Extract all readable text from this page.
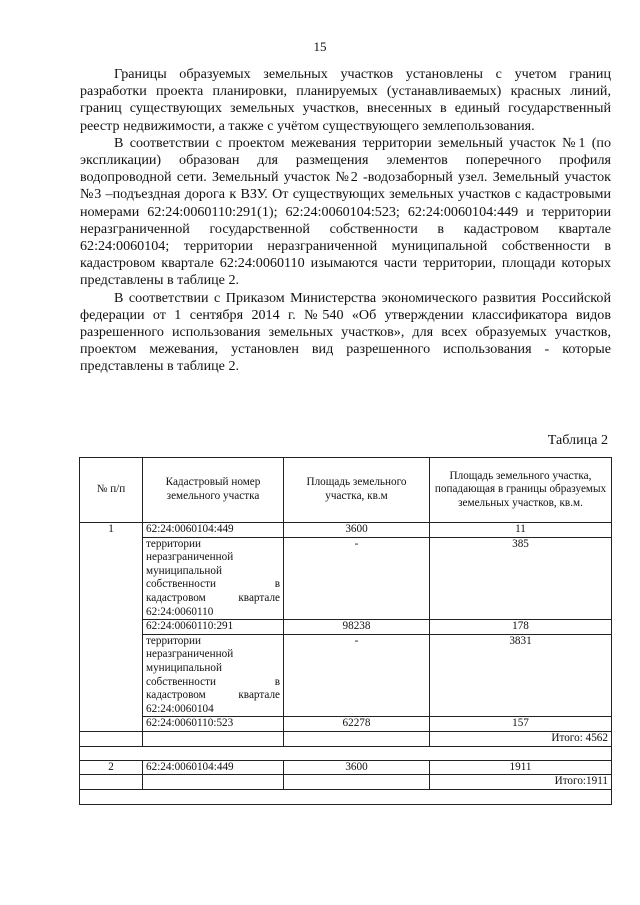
15

Границы образуемых земельных участков установлены с учетом границ разработки проекта планировки, планируемых (устанавливаемых) красных линий, границ существующих земельных участков, внесенных в единый государственный реестр недвижимости, а также с учётом существующего землепользования.

В соответствии с проектом межевания территории земельный участок №1 (по экспликации) образован для размещения элементов поперечного профиля водопроводной сети. Земельный участок №2 -водозаборный узел. Земельный участок №3 –подъездная дорога к ВЗУ. От существующих земельных участков с кадастровыми номерами 62:24:0060110:291(1); 62:24:0060104:523; 62:24:0060104:449 и территории неразграниченной государственной собственности в кадастровом квартале 62:24:0060104; территории неразграниченной муниципальной собственности в кадастровом квартале 62:24:0060110 изымаются части территории, площади которых представлены в таблице 2.

В соответствии с Приказом Министерства экономического развития Российской федерации от 1 сентября 2014 г. №540 «Об утверждении классификатора видов разрешенного использования земельных участков», для всех образуемых участков, проектом межевания, установлен вид разрешенного использования - которые представлены в таблице 2.

Таблица 2
№ п/п	Кадастровый номер земельного участка	Площадь земельного участка, кв.м	Площадь земельного участка, попадающая в границы образуемых земельных участков, кв.м.
1	62:24:0060104:449	3600	11
	территории неразграниченной муниципальной собственности в кадастровом квартале 62:24:0060110	-	385
	62:24:0060110:291	98238	178
	территории неразграниченной муниципальной собственности в кадастровом квартале 62:24:0060104	-	3831
	62:24:0060110:523	62278	157
			Итого: 4562

2	62:24:0060104:449	3600	1911
			Итого:1911
